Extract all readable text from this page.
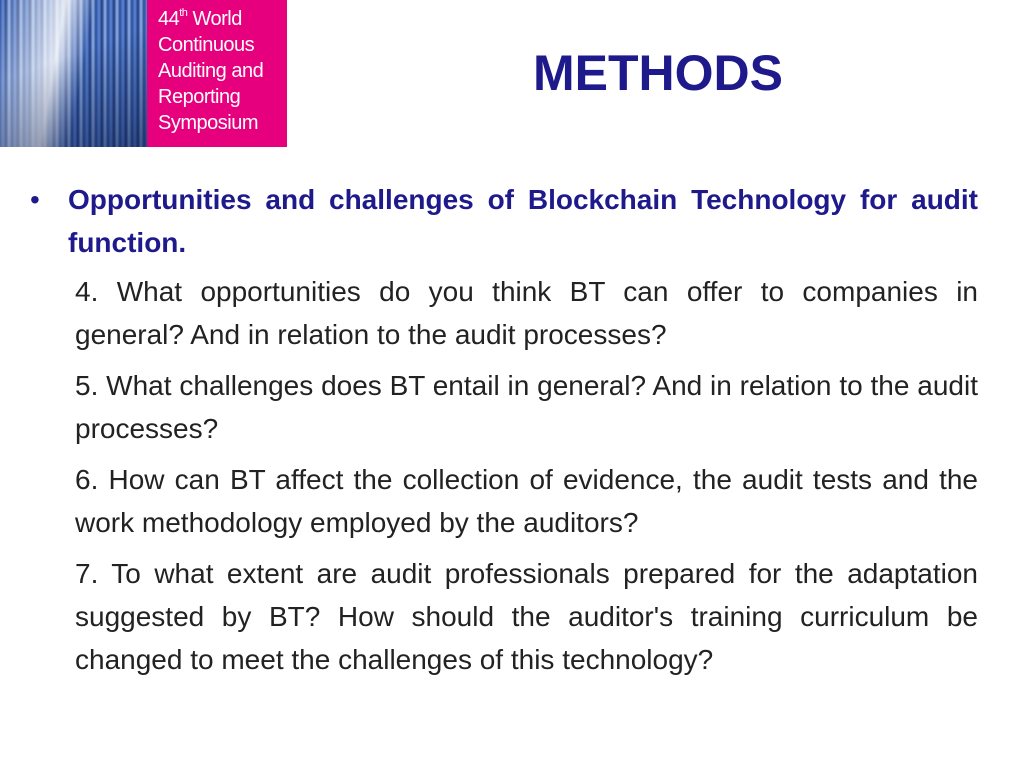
44th World
Continuous
Auditing and
Reporting
Symposium
METHODS
• Opportunities and challenges of Blockchain Technology for audit function.

4. What opportunities do you think BT can offer to companies in general? And in relation to the audit processes?

5. What challenges does BT entail in general? And in relation to the audit processes?

6. How can BT affect the collection of evidence, the audit tests and the work methodology employed by the auditors?

7. To what extent are audit professionals prepared for the adaptation suggested by BT? How should the auditor's training curriculum be changed to meet the challenges of this technology?
